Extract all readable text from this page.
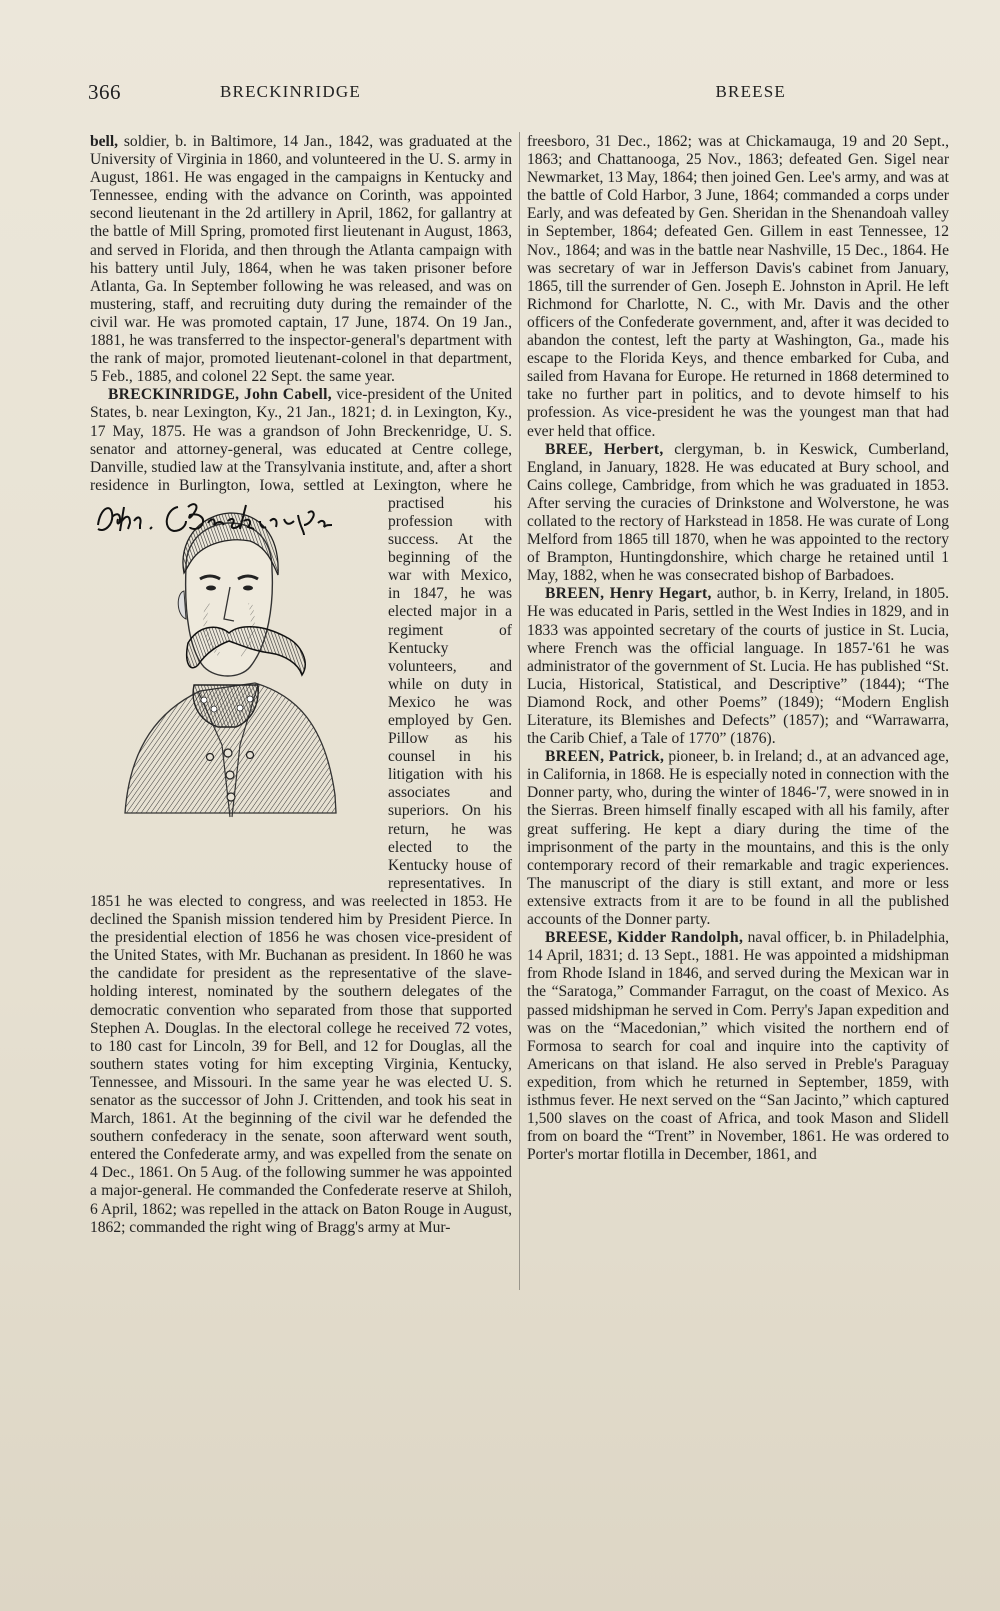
366	BRECKINRIDGE	BREESE

bell, soldier, b. in Baltimore, 14 Jan., 1842, was graduated at the University of Virginia in 1860, and volunteered in the U. S. army in August, 1861. He was engaged in the campaigns in Kentucky and Tennessee, ending with the advance on Corinth, was appointed second lieutenant in the 2d artillery in April, 1862, for gallantry at the battle of Mill Spring, promoted first lieutenant in August, 1863, and served in Florida, and then through the Atlanta campaign with his battery until July, 1864, when he was taken prisoner before Atlanta, Ga. In September following he was released, and was on mustering, staff, and recruiting duty during the remainder of the civil war. He was promoted captain, 17 June, 1874. On 19 Jan., 1881, he was transferred to the inspector-general's department with the rank of major, promoted lieutenant-colonel in that department, 5 Feb., 1885, and colonel 22 Sept. the same year.

BRECKINRIDGE, John Cabell, vice-president of the United States, b. near Lexington, Ky., 21 Jan., 1821; d. in Lexington, Ky., 17 May, 1875. He was a grandson of John Breckenridge, U. S. senator and attorney-general, was educated at Centre college, Danville, studied law at the Transylvania institute, and, after a short residence in Burlington, Iowa, settled at Lexington, where he
practised his profession with success. At the beginning of the war with Mexico, in 1847, he was elected major in a regiment of Kentucky volunteers, and while on duty in Mexico he was employed by Gen. Pillow as his counsel in his litigation with his associates and superiors. On his return, he was elected to the Kentucky house of representatives. In 1851 he was elected to congress, and was reelected in 1853. He declined the Spanish mission tendered him by President Pierce. In the presidential election of 1856 he was chosen vice-president of the United States, with Mr. Buchanan as president. In 1860 he was the candidate for president as the representative of the slave-holding interest, nominated by the southern delegates of the democratic convention who separated from those that supported Stephen A. Douglas. In the electoral college he received 72 votes, to 180 cast for Lincoln, 39 for Bell, and 12 for Douglas, all the southern states voting for him excepting Virginia, Kentucky, Tennessee, and Missouri. In the same year he was elected U. S. senator as the successor of John J. Crittenden, and took his seat in March, 1861. At the beginning of the civil war he defended the southern confederacy in the senate, soon afterward went south, entered the Confederate army, and was expelled from the senate on 4 Dec., 1861. On 5 Aug. of the following summer he was appointed a major-general. He commanded the Confederate reserve at Shiloh, 6 April, 1862; was repelled in the attack on Baton Rouge in August, 1862; commanded the right wing of Bragg's army at Mur-

freesboro, 31 Dec., 1862; was at Chickamauga, 19 and 20 Sept., 1863; and Chattanooga, 25 Nov., 1863; defeated Gen. Sigel near Newmarket, 13 May, 1864; then joined Gen. Lee's army, and was at the battle of Cold Harbor, 3 June, 1864; commanded a corps under Early, and was defeated by Gen. Sheridan in the Shenandoah valley in September, 1864; defeated Gen. Gillem in east Tennessee, 12 Nov., 1864; and was in the battle near Nashville, 15 Dec., 1864. He was secretary of war in Jefferson Davis's cabinet from January, 1865, till the surrender of Gen. Joseph E. Johnston in April. He left Richmond for Charlotte, N. C., with Mr. Davis and the other officers of the Confederate government, and, after it was decided to abandon the contest, left the party at Washington, Ga., made his escape to the Florida Keys, and thence embarked for Cuba, and sailed from Havana for Europe. He returned in 1868 determined to take no further part in politics, and to devote himself to his profession. As vice-president he was the youngest man that had ever held that office.

BREE, Herbert, clergyman, b. in Keswick, Cumberland, England, in January, 1828. He was educated at Bury school, and Cains college, Cambridge, from which he was graduated in 1853. After serving the curacies of Drinkstone and Wolverstone, he was collated to the rectory of Harkstead in 1858. He was curate of Long Melford from 1865 till 1870, when he was appointed to the rectory of Brampton, Huntingdonshire, which charge he retained until 1 May, 1882, when he was consecrated bishop of Barbadoes.

BREEN, Henry Hegart, author, b. in Kerry, Ireland, in 1805. He was educated in Paris, settled in the West Indies in 1829, and in 1833 was appointed secretary of the courts of justice in St. Lucia, where French was the official language. In 1857-'61 he was administrator of the government of St. Lucia. He has published “St. Lucia, Historical, Statistical, and Descriptive” (1844); “The Diamond Rock, and other Poems” (1849); “Modern English Literature, its Blemishes and Defects” (1857); and “Warrawarra, the Carib Chief, a Tale of 1770” (1876).

BREEN, Patrick, pioneer, b. in Ireland; d., at an advanced age, in California, in 1868. He is especially noted in connection with the Donner party, who, during the winter of 1846-'7, were snowed in in the Sierras. Breen himself finally escaped with all his family, after great suffering. He kept a diary during the time of the imprisonment of the party in the mountains, and this is the only contemporary record of their remarkable and tragic experiences. The manuscript of the diary is still extant, and more or less extensive extracts from it are to be found in all the published accounts of the Donner party.

BREESE, Kidder Randolph, naval officer, b. in Philadelphia, 14 April, 1831; d. 13 Sept., 1881. He was appointed a midshipman from Rhode Island in 1846, and served during the Mexican war in the “Saratoga,” Commander Farragut, on the coast of Mexico. As passed midshipman he served in Com. Perry's Japan expedition and was on the “Macedonian,” which visited the northern end of Formosa to search for coal and inquire into the captivity of Americans on that island. He also served in Preble's Paraguay expedition, from which he returned in September, 1859, with isthmus fever. He next served on the “San Jacinto,” which captured 1,500 slaves on the coast of Africa, and took Mason and Slidell from on board the “Trent” in November, 1861. He was ordered to Porter's mortar flotilla in December, 1861, and
